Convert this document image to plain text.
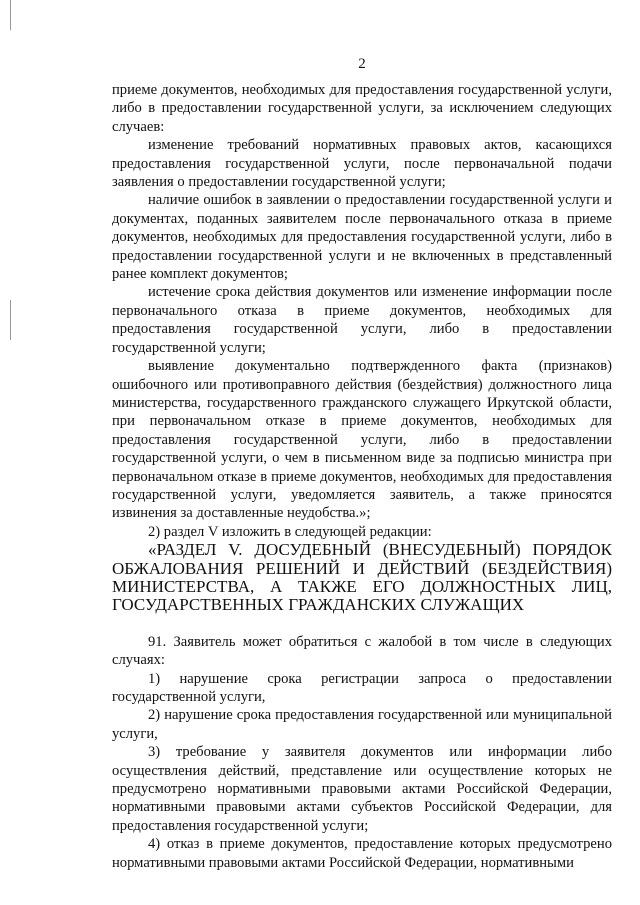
2

приеме документов, необходимых для предоставления государственной услуги, либо в предоставлении государственной услуги, за исключением следующих случаев:

изменение требований нормативных правовых актов, касающихся предоставления государственной услуги, после первоначальной подачи заявления о предоставлении государственной услуги;

наличие ошибок в заявлении о предоставлении государственной услуги и документах, поданных заявителем после первоначального отказа в приеме документов, необходимых для предоставления государственной услуги, либо в предоставлении государственной услуги и не включенных в представленный ранее комплект документов;

истечение срока действия документов или изменение информации после первоначального отказа в приеме документов, необходимых для предоставления государственной услуги, либо в предоставлении государственной услуги;

выявление документально подтвержденного факта (признаков) ошибочного или противоправного действия (бездействия) должностного лица министерства, государственного гражданского служащего Иркутской области, при первоначальном отказе в приеме документов, необходимых для предоставления государственной услуги, либо в предоставлении государственной услуги, о чем в письменном виде за подписью министра при первоначальном отказе в приеме документов, необходимых для предоставления государственной услуги, уведомляется заявитель, а также приносятся извинения за доставленные неудобства.»;

2) раздел V изложить в следующей редакции:

«РАЗДЕЛ V. ДОСУДЕБНЫЙ (ВНЕСУДЕБНЫЙ) ПОРЯДОК ОБЖАЛОВАНИЯ РЕШЕНИЙ И ДЕЙСТВИЙ (БЕЗДЕЙСТВИЯ) МИНИСТЕРСТВА, А ТАКЖЕ ЕГО ДОЛЖНОСТНЫХ ЛИЦ, ГОСУДАРСТВЕННЫХ ГРАЖДАНСКИХ СЛУЖАЩИХ

91. Заявитель может обратиться с жалобой в том числе в следующих случаях:

1) нарушение срока регистрации запроса о предоставлении государственной услуги,

2) нарушение срока предоставления государственной или муниципальной услуги,

3) требование у заявителя документов или информации либо осуществления действий, представление или осуществление которых не предусмотрено нормативными правовыми актами Российской Федерации, нормативными правовыми актами субъектов Российской Федерации, для предоставления государственной услуги;

4) отказ в приеме документов, предоставление которых предусмотрено нормативными правовыми актами Российской Федерации, нормативными
